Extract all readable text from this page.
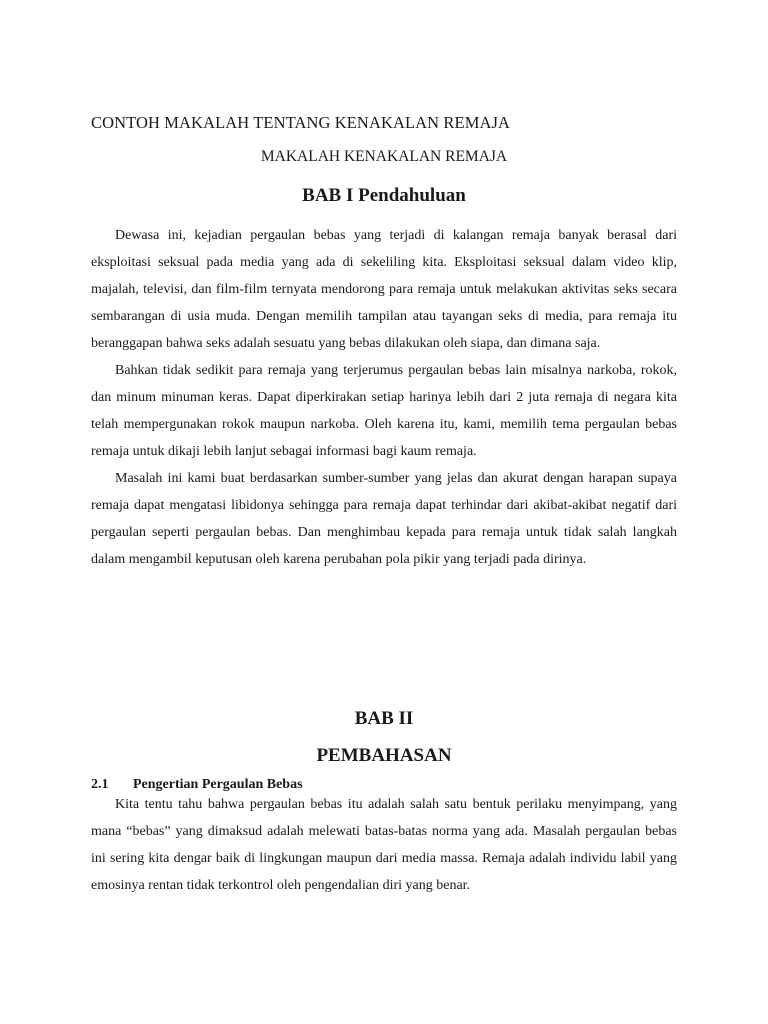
CONTOH MAKALAH TENTANG KENAKALAN REMAJA
MAKALAH KENAKALAN REMAJA
BAB I Pendahuluan

Dewasa ini, kejadian pergaulan bebas yang terjadi di kalangan remaja banyak berasal dari eksploitasi seksual pada media yang ada di sekeliling kita. Eksploitasi seksual dalam video klip, majalah, televisi, dan film-film ternyata mendorong para remaja untuk melakukan aktivitas seks secara sembarangan di usia muda. Dengan memilih tampilan atau tayangan seks di media, para remaja itu beranggapan bahwa seks adalah sesuatu yang bebas dilakukan oleh siapa, dan dimana saja.

Bahkan tidak sedikit para remaja yang terjerumus pergaulan bebas lain misalnya narkoba, rokok, dan minum minuman keras. Dapat diperkirakan setiap harinya lebih dari 2 juta remaja di negara kita telah mempergunakan rokok maupun narkoba. Oleh karena itu, kami, memilih tema pergaulan bebas remaja untuk dikaji lebih lanjut sebagai informasi bagi kaum remaja.

Masalah ini kami buat berdasarkan sumber-sumber yang jelas dan akurat dengan harapan supaya remaja dapat mengatasi libidonya sehingga para remaja dapat terhindar dari akibat-akibat negatif dari pergaulan seperti pergaulan bebas. Dan menghimbau kepada para remaja untuk tidak salah langkah dalam mengambil keputusan oleh karena perubahan pola pikir yang terjadi pada dirinya.

BAB II
PEMBAHASAN
2.1 Pengertian Pergaulan Bebas

Kita tentu tahu bahwa pergaulan bebas itu adalah salah satu bentuk perilaku menyimpang, yang mana “bebas” yang dimaksud adalah melewati batas-batas norma yang ada. Masalah pergaulan bebas ini sering kita dengar baik di lingkungan maupun dari media massa. Remaja adalah individu labil yang emosinya rentan tidak terkontrol oleh pengendalian diri yang benar.
